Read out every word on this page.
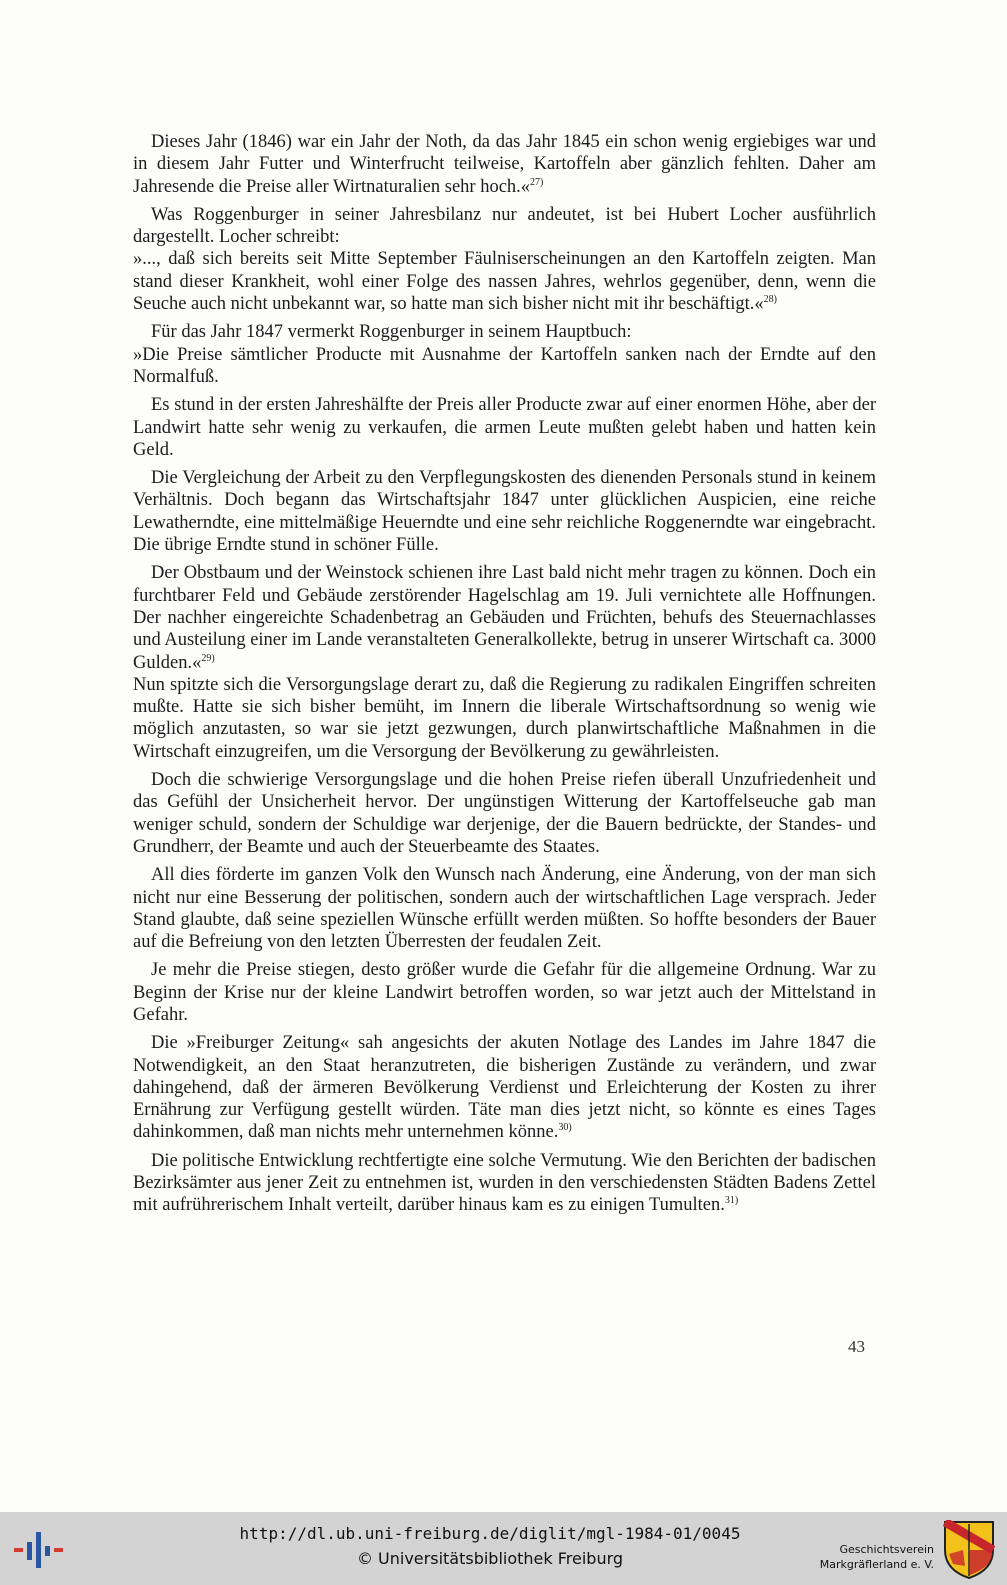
Dieses Jahr (1846) war ein Jahr der Noth, da das Jahr 1845 ein schon wenig ergiebiges war und in diesem Jahr Futter und Winterfrucht teilweise, Kartoffeln aber gänzlich fehlten. Daher am Jahresende die Preise aller Wirtnaturalien sehr hoch.«$^{27)}$

Was Roggenburger in seiner Jahresbilanz nur andeutet, ist bei Hubert Locher ausführlich dargestellt. Locher schreibt:

»..., daß sich bereits seit Mitte September Fäulniserscheinungen an den Kartoffeln zeigten. Man stand dieser Krankheit, wohl einer Folge des nassen Jahres, wehrlos gegenüber, denn, wenn die Seuche auch nicht unbekannt war, so hatte man sich bisher nicht mit ihr beschäftigt.«$^{28)}$

Für das Jahr 1847 vermerkt Roggenburger in seinem Hauptbuch:

»Die Preise sämtlicher Producte mit Ausnahme der Kartoffeln sanken nach der Erndte auf den Normalfuß.

Es stund in der ersten Jahreshälfte der Preis aller Producte zwar auf einer enormen Höhe, aber der Landwirt hatte sehr wenig zu verkaufen, die armen Leute mußten gelebt haben und hatten kein Geld.

Die Vergleichung der Arbeit zu den Verpflegungskosten des dienenden Personals stund in keinem Verhältnis. Doch begann das Wirtschaftsjahr 1847 unter glücklichen Auspicien, eine reiche Lewatherndte, eine mittelmäßige Heuerndte und eine sehr reichliche Roggenerndte war eingebracht. Die übrige Erndte stund in schöner Fülle.

Der Obstbaum und der Weinstock schienen ihre Last bald nicht mehr tragen zu können. Doch ein furchtbarer Feld und Gebäude zerstörender Hagelschlag am 19. Juli vernichtete alle Hoffnungen. Der nachher eingereichte Schadenbetrag an Gebäuden und Früchten, behufs des Steuernachlasses und Austeilung einer im Lande veranstalteten Generalkollekte, betrug in unserer Wirtschaft ca. 3000 Gulden.«$^{29)}$

Nun spitzte sich die Versorgungslage derart zu, daß die Regierung zu radikalen Eingriffen schreiten mußte. Hatte sie sich bisher bemüht, im Innern die liberale Wirtschaftsordnung so wenig wie möglich anzutasten, so war sie jetzt gezwungen, durch planwirtschaftliche Maßnahmen in die Wirtschaft einzugreifen, um die Versorgung der Bevölkerung zu gewährleisten.

Doch die schwierige Versorgungslage und die hohen Preise riefen überall Unzufriedenheit und das Gefühl der Unsicherheit hervor. Der ungünstigen Witterung der Kartoffelseuche gab man weniger schuld, sondern der Schuldige war derjenige, der die Bauern bedrückte, der Standes- und Grundherr, der Beamte und auch der Steuerbeamte des Staates.

All dies förderte im ganzen Volk den Wunsch nach Änderung, eine Änderung, von der man sich nicht nur eine Besserung der politischen, sondern auch der wirtschaftlichen Lage versprach. Jeder Stand glaubte, daß seine speziellen Wünsche erfüllt werden müßten. So hoffte besonders der Bauer auf die Befreiung von den letzten Überresten der feudalen Zeit.

Je mehr die Preise stiegen, desto größer wurde die Gefahr für die allgemeine Ordnung. War zu Beginn der Krise nur der kleine Landwirt betroffen worden, so war jetzt auch der Mittelstand in Gefahr.

Die »Freiburger Zeitung« sah angesichts der akuten Notlage des Landes im Jahre 1847 die Notwendigkeit, an den Staat heranzutreten, die bisherigen Zustände zu verändern, und zwar dahingehend, daß der ärmeren Bevölkerung Verdienst und Erleichterung der Kosten zu ihrer Ernährung zur Verfügung gestellt würden. Täte man dies jetzt nicht, so könnte es eines Tages dahinkommen, daß man nichts mehr unternehmen könne.$^{30)}$

Die politische Entwicklung rechtfertigte eine solche Vermutung. Wie den Berichten der badischen Bezirksämter aus jener Zeit zu entnehmen ist, wurden in den verschiedensten Städten Badens Zettel mit aufrührerischem Inhalt verteilt, darüber hinaus kam es zu einigen Tumulten.$^{31)}$

43
http://dl.ub.uni-freiburg.de/diglit/mgl-1984-01/0045
© Universitätsbibliothek Freiburg	Geschichtsverein
Markgräflerland e. V.
